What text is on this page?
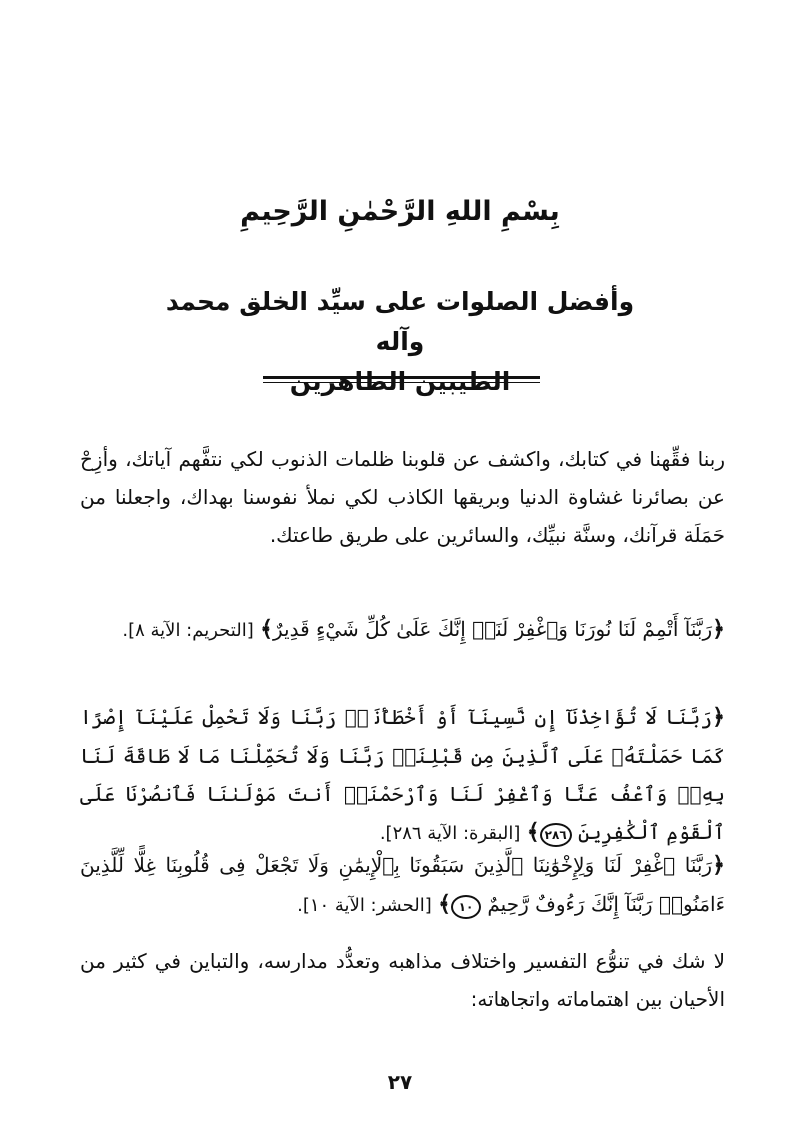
بِسْمِ اللهِ الرَّحْمٰنِ الرَّحِيمِ
وأفضل الصلوات على سيِّد الخلق محمد وآله

ربنا فقِّهنا في كتابك، واكشف عن قلوبنا ظلمات الذنوب لكي نتفَّهم آياتك، وأزِحْ عن بصائرنا غشاوة الدنيا وبريقها الكاذب لكي نملأ نفوسنا بهداك، واجعلنا من حَمَلَة قرآنك، وسنَّة نبيِّك، والسائرين على طريق طاعتك.

﴿رَبَّنَآ أَتْمِمْ لَنَا نُورَنَا وَٱغْفِرْ لَنَآۖ إِنَّكَ عَلَىٰ كُلِّ شَيْءٍ قَدِيرٌ﴾ [التحريم: الآية ٨].

﴿رَبَّنَا لَا تُؤَاخِذْنَآ إِن نَّسِينَآ أَوْ أَخْطَأْنَاۚ رَبَّنَا وَلَا تَحْمِلْ عَلَيْنَآ إِصْرًا كَمَا حَمَلْتَهُۥ عَلَى ٱلَّذِينَ مِن قَبْلِنَاۚ رَبَّنَا وَلَا تُحَمِّلْنَا مَا لَا طَاقَةَ لَنَا بِهِۦۖ وَٱعْفُ عَنَّا وَٱغْفِرْ لَنَا وَٱرْحَمْنَآۚ أَنتَ مَوْلَىٰنَا فَٱنصُرْنَا عَلَى ٱلْقَوْمِ ٱلْكَٰفِرِينَ ٢٨٦﴾ [البقرة: الآية ٢٨٦].

﴿رَبَّنَا ٱغْفِرْ لَنَا وَلِإِخْوَٰنِنَا ٱلَّذِينَ سَبَقُونَا بِٱلْإِيمَٰنِ وَلَا تَجْعَلْ فِى قُلُوبِنَا غِلًّا لِّلَّذِينَ ءَامَنُوا۟ رَبَّنَآ إِنَّكَ رَءُوفٌ رَّحِيمٌ ١٠﴾ [الحشر: الآية ١٠].

لا شك في تنوُّع التفسير واختلاف مذاهبه وتعدُّد مدارسه، والتباين في كثير من الأحيان بين اهتماماته واتجاهاته:

٢٧
